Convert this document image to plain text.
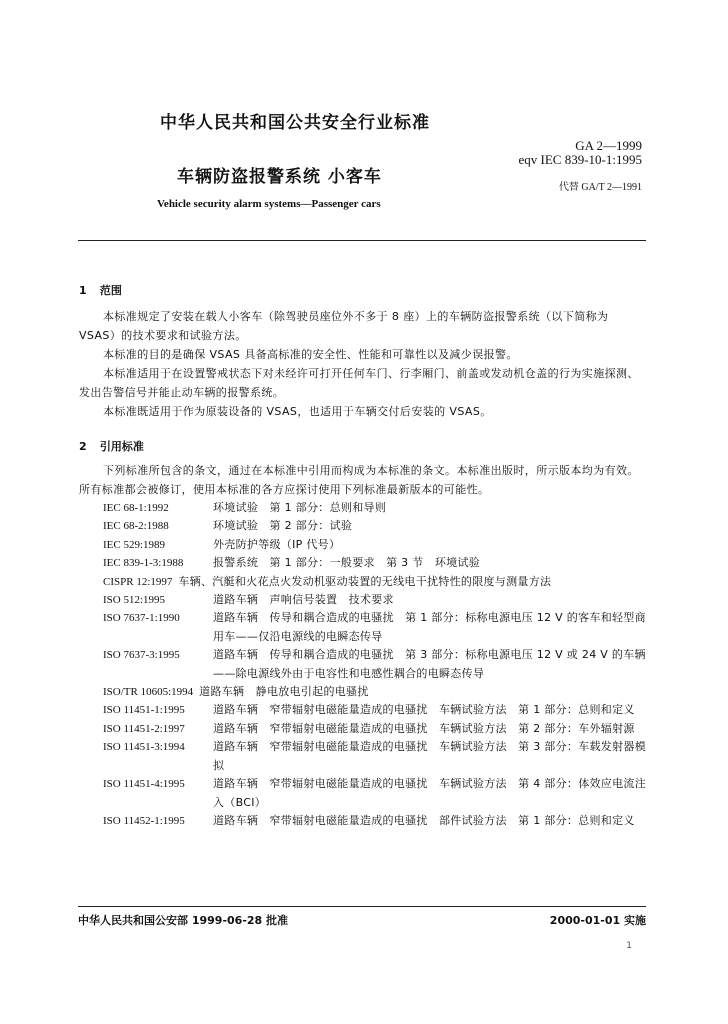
中华人民共和国公共安全行业标准
GA 2—1999
eqv IEC 839-10-1:1995
代替 GA/T 2—1991
车辆防盗报警系统 小客车
Vehicle security alarm systems—Passenger cars
1 范围

本标准规定了安装在载人小客车（除驾驶员座位外不多于 8 座）上的车辆防盗报警系统（以下简称为 VSAS）的技术要求和试验方法。

本标准的目的是确保 VSAS 具备高标准的安全性、性能和可靠性以及减少误报警。

本标准适用于在设置警戒状态下对未经许可打开任何车门、行李厢门、前盖或发动机仓盖的行为实施探测、发出告警信号并能止动车辆的报警系统。

本标准既适用于作为原装设备的 VSAS，也适用于车辆交付后安装的 VSAS。

2 引用标准

下列标准所包含的条文，通过在本标准中引用而构成为本标准的条文。本标准出版时，所示版本均为有效。所有标准都会被修订，使用本标准的各方应探讨使用下列标准最新版本的可能性。

IEC 68-1:1992	环境试验　第 1 部分：总则和导则
IEC 68-2:1988	环境试验　第 2 部分：试验
IEC 529:1989	外壳防护等级（IP 代号）
IEC 839-1-3:1988	报警系统　第 1 部分：一般要求　第 3 节　环境试验
CISPR 12:1997 车辆、汽艇和火花点火发动机驱动装置的无线电干扰特性的限度与测量方法
ISO 512:1995	道路车辆　声响信号装置　技术要求
ISO 7637-1:1990	道路车辆　传导和耦合造成的电骚扰　第 1 部分：标称电源电压 12 V 的客车和轻型商用车——仅沿电源线的电瞬态传导
ISO 7637-3:1995	道路车辆　传导和耦合造成的电骚扰　第 3 部分：标称电源电压 12 V 或 24 V 的车辆——除电源线外由于电容性和电感性耦合的电瞬态传导
ISO/TR 10605:1994 道路车辆　静电放电引起的电骚扰
ISO 11451-1:1995	道路车辆　窄带辐射电磁能量造成的电骚扰　车辆试验方法　第 1 部分：总则和定义
ISO 11451-2:1997	道路车辆　窄带辐射电磁能量造成的电骚扰　车辆试验方法　第 2 部分：车外辐射源
ISO 11451-3:1994	道路车辆　窄带辐射电磁能量造成的电骚扰　车辆试验方法　第 3 部分：车载发射器模拟
ISO 11451-4:1995	道路车辆　窄带辐射电磁能量造成的电骚扰　车辆试验方法　第 4 部分：体效应电流注入（BCI）
ISO 11452-1:1995	道路车辆　窄带辐射电磁能量造成的电骚扰　部件试验方法　第 1 部分：总则和定义
中华人民共和国公安部 1999-06-28 批准	2000-01-01 实施
1
